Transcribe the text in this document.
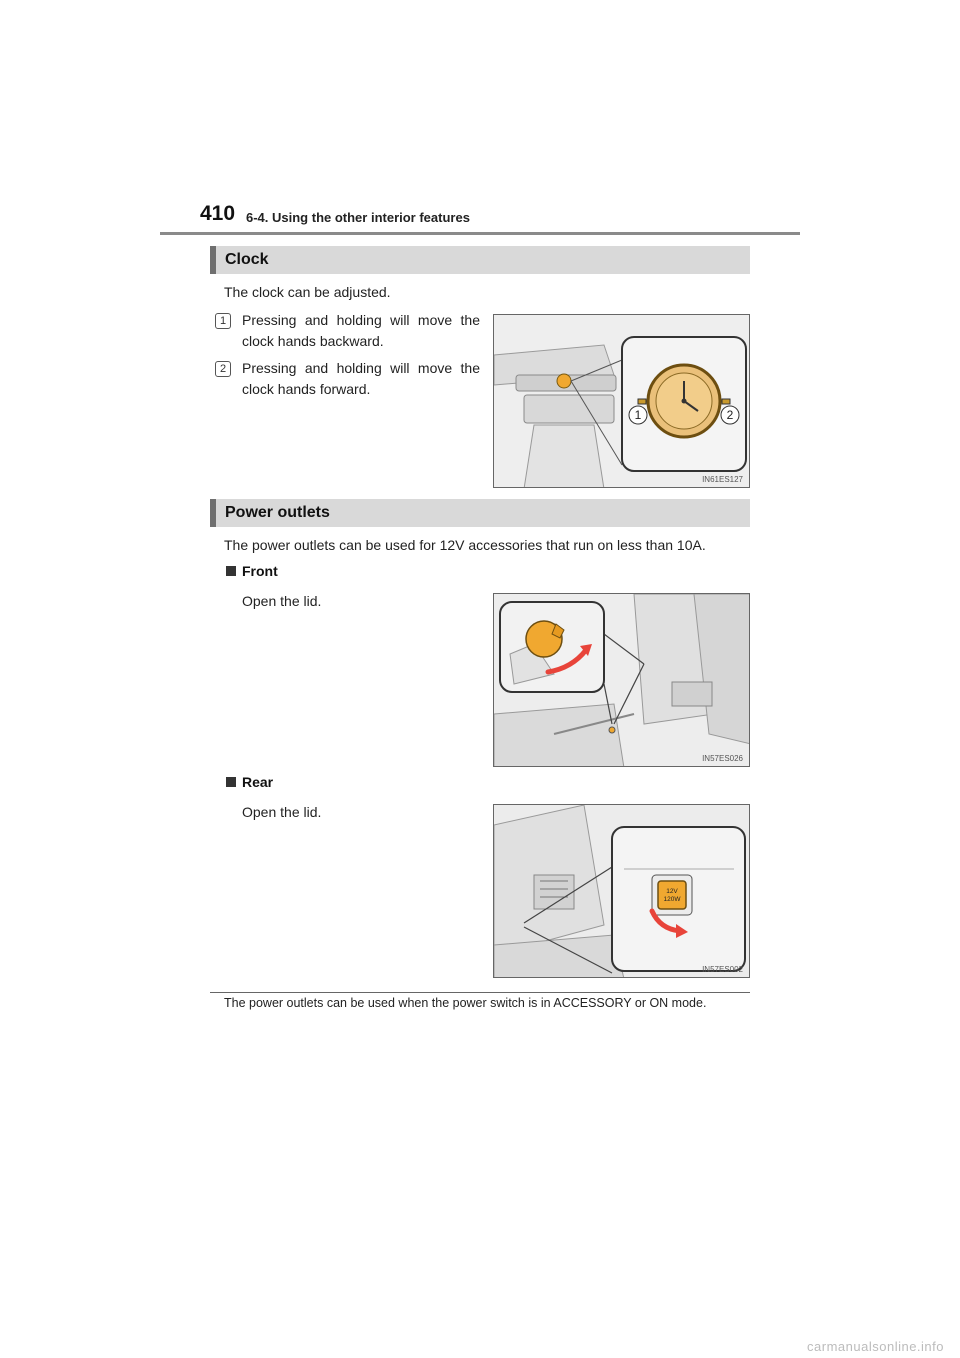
410 6-4. Using the other interior features
Clock
The clock can be adjusted.
1	Pressing and holding will move the clock hands backward.
2	Pressing and holding will move the clock hands forward.
1	2
IN61ES127
Power outlets
The power outlets can be used for 12V accessories that run on less than 10A.
Front
Open the lid.
IN57ES026
Rear
Open the lid.
12V
120W
IN57ES002
The power outlets can be used when the power switch is in ACCESSORY or ON mode.
carmanualsonline.info
